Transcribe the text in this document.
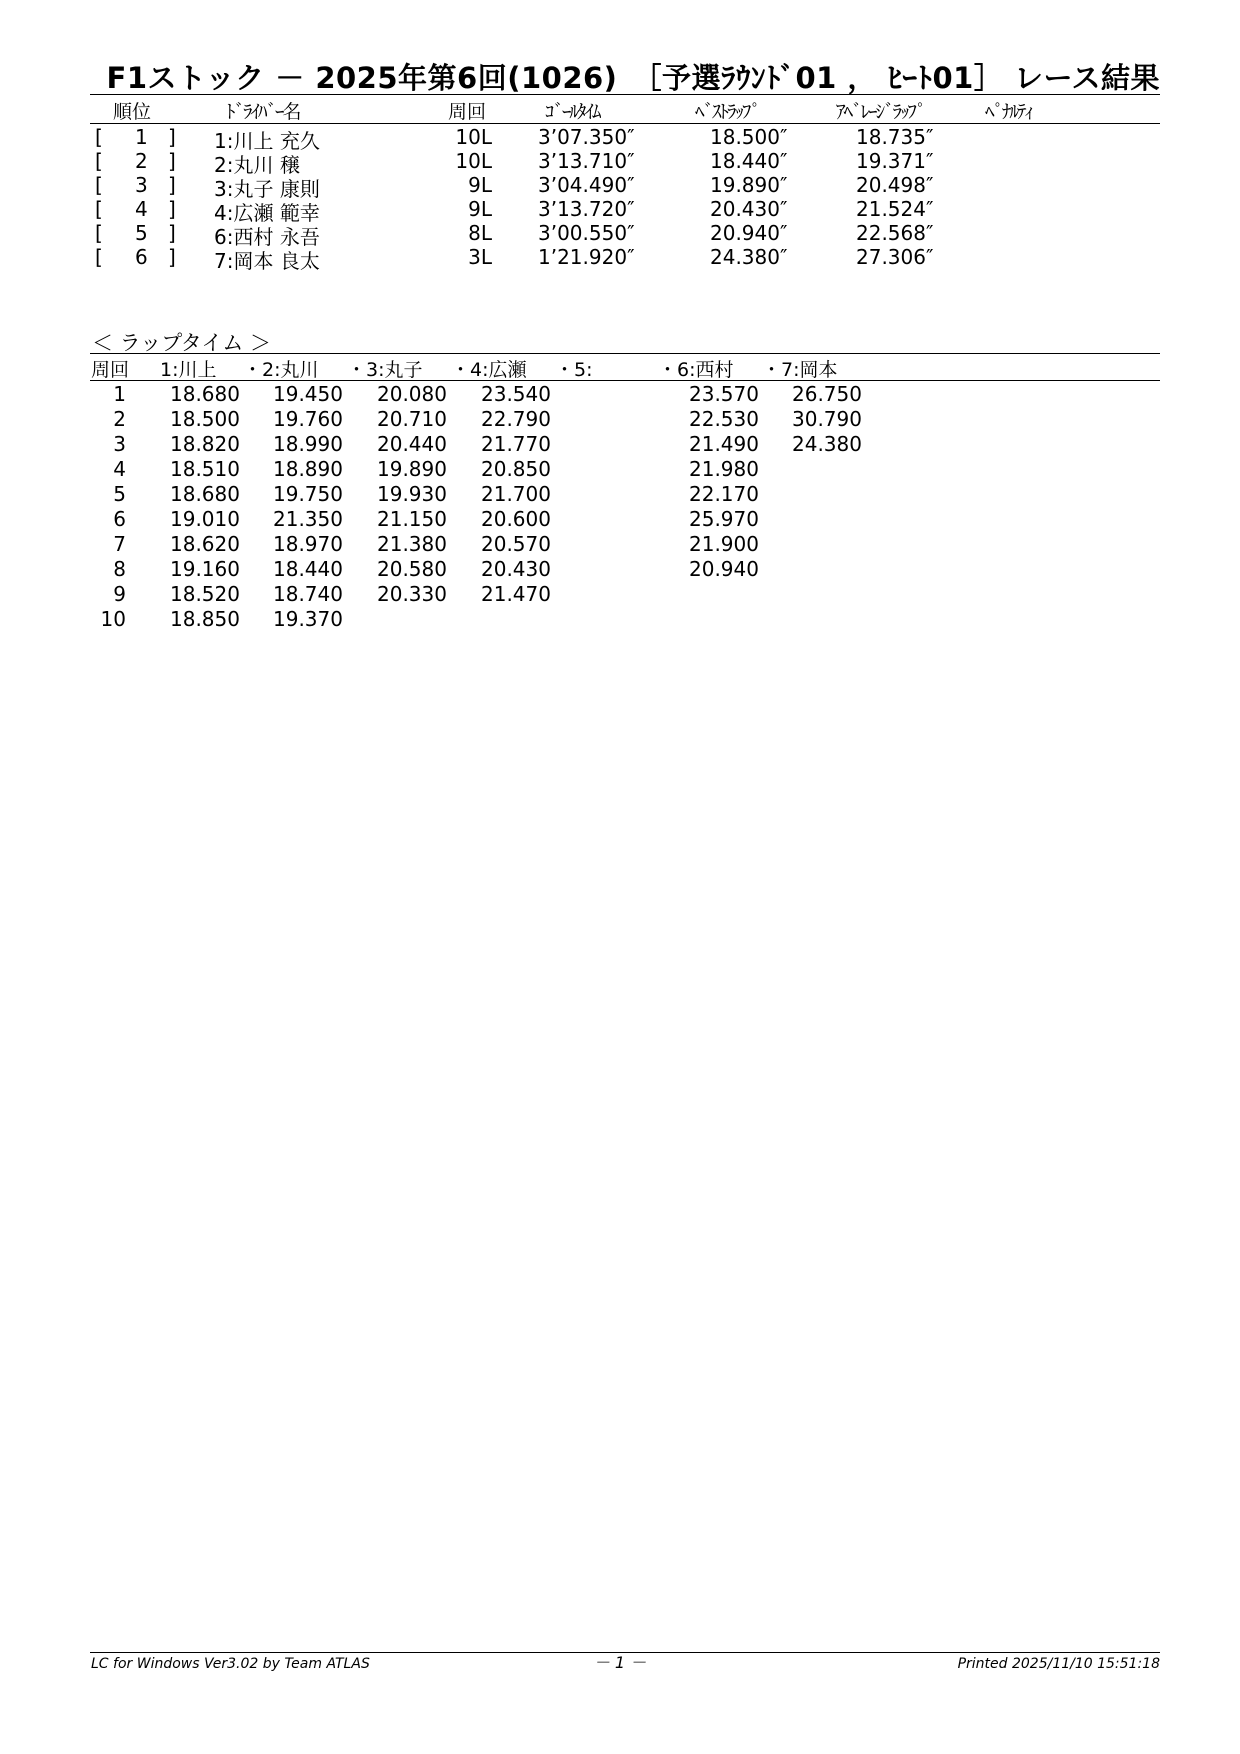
F1ストック － 2025年第6回(1026)　［予選ﾗｳﾝﾄﾞ01 ， ﾋｰﾄ01］ レース結果
順位	ﾄﾞﾗｲﾊﾞｰ名	周回	ｺﾞｰﾙﾀｲﾑ	ﾍﾞｽﾄﾗｯﾌﾟ	ｱﾍﾞﾚｰｼﾞﾗｯﾌﾟ	ﾍﾟﾅﾙﾃｨ
[ 1 ] 1:川上 充久	10L 3’07.350″	18.500″	18.735″
[ 2 ] 2:丸川 穣	10L 3’13.710″	18.440″	19.371″
[ 3 ] 3:丸子 康則	9L 3’04.490″	19.890″	20.498″
[ 4 ] 4:広瀬 範幸	9L 3’13.720″	20.430″	21.524″
[ 5 ] 6:西村 永吾	8L 3’00.550″	20.940″	22.568″
[ 6 ] 7:岡本 良太	3L 1’21.920″	24.380″	27.306″
＜ ラップタイム ＞
周回 1:川上 ・2:丸川 ・3:丸子 ・4:広瀬 ・5:	・6:西村 ・7:岡本
1 18.680 19.450 20.080 23.540	23.570 26.750
2 18.500 19.760 20.710 22.790	22.530 30.790
3 18.820 18.990 20.440 21.770	21.490 24.380
4 18.510 18.890 19.890 20.850	21.980
5 18.680 19.750 19.930 21.700	22.170
6 19.010 21.350 21.150 20.600	25.970
7 18.620 18.970 21.380 20.570	21.900
8 19.160 18.440 20.580 20.430	20.940
9 18.520 18.740 20.330 21.470
10 18.850 19.370
LC for Windows Ver3.02 by Team ATLAS	－ 1 －	Printed 2025/11/10 15:51:18
